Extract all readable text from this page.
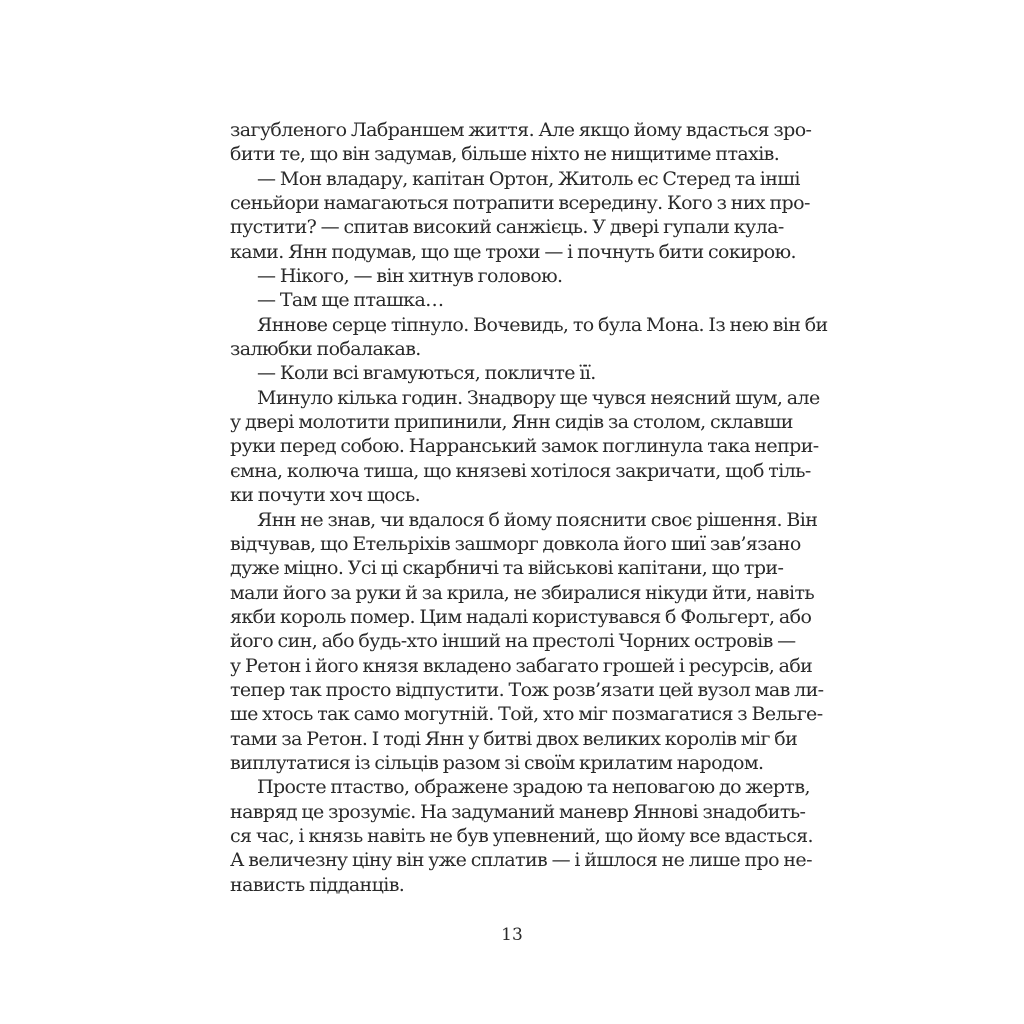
загубленого Лабраншем життя. Але якщо йому вдасться зро-
бити те, що він задумав, більше ніхто не нищитиме птахів.
— Мон владару, капітан Ортон, Житоль ес Стеред та інші
сеньйори намагаються потрапити всередину. Кого з них про-
пустити? — спитав високий санжієць. У двері гупали кула-
ками. Янн подумав, що ще трохи — і почнуть бити сокирою.
— Нікого, — він хитнув головою.
— Там ще пташка…
Яннове серце тіпнуло. Вочевидь, то була Мона. Із нею він би
залюбки побалакав.
— Коли всі вгамуються, покличте її.
Минуло кілька годин. Знадвору ще чувся неясний шум, але
у двері молотити припинили, Янн сидів за столом, склавши
руки перед собою. Нарранський замок поглинула така непри-
ємна, колюча тиша, що князеві хотілося закричати, щоб тіль-
ки почути хоч щось.
Янн не знав, чи вдалося б йому пояснити своє рішення. Він
відчував, що Етельріхів зашморг довкола його шиї зав’язано
дуже міцно. Усі ці скарбничі та військові капітани, що три-
мали його за руки й за крила, не збиралися нікуди йти, навіть
якби король помер. Цим надалі користувався б Фольгерт, або
його син, або будь-хто інший на престолі Чорних островів —
у Ретон і його князя вкладено забагато грошей і ресурсів, аби
тепер так просто відпустити. Тож розв’язати цей вузол мав ли-
ше хтось так само могутній. Той, хто міг позмагатися з Вельге-
тами за Ретон. І тоді Янн у битві двох великих королів міг би
виплутатися із сільців разом зі своїм крилатим народом.
Просте птаство, ображене зрадою та неповагою до жертв,
навряд це зрозуміє. На задуманий маневр Яннові знадобить-
ся час, і князь навіть не був упевнений, що йому все вдасться.
А величезну ціну він уже сплатив — і йшлося не лише про не-
нависть підданців.
13
